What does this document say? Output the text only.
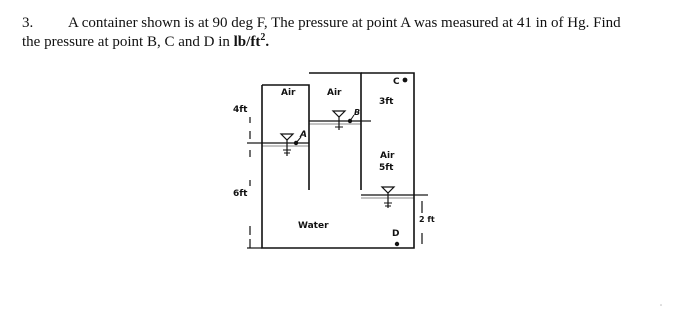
3. A container shown is at 90 deg F, The pressure at point A was measured at 41 in of Hg. Find
the pressure at point B, C and D in $lb/ft^2$.

Air	Air
Air
Water
A
B
C
D
4ft
6ft
3ft
5ft
2 ft
